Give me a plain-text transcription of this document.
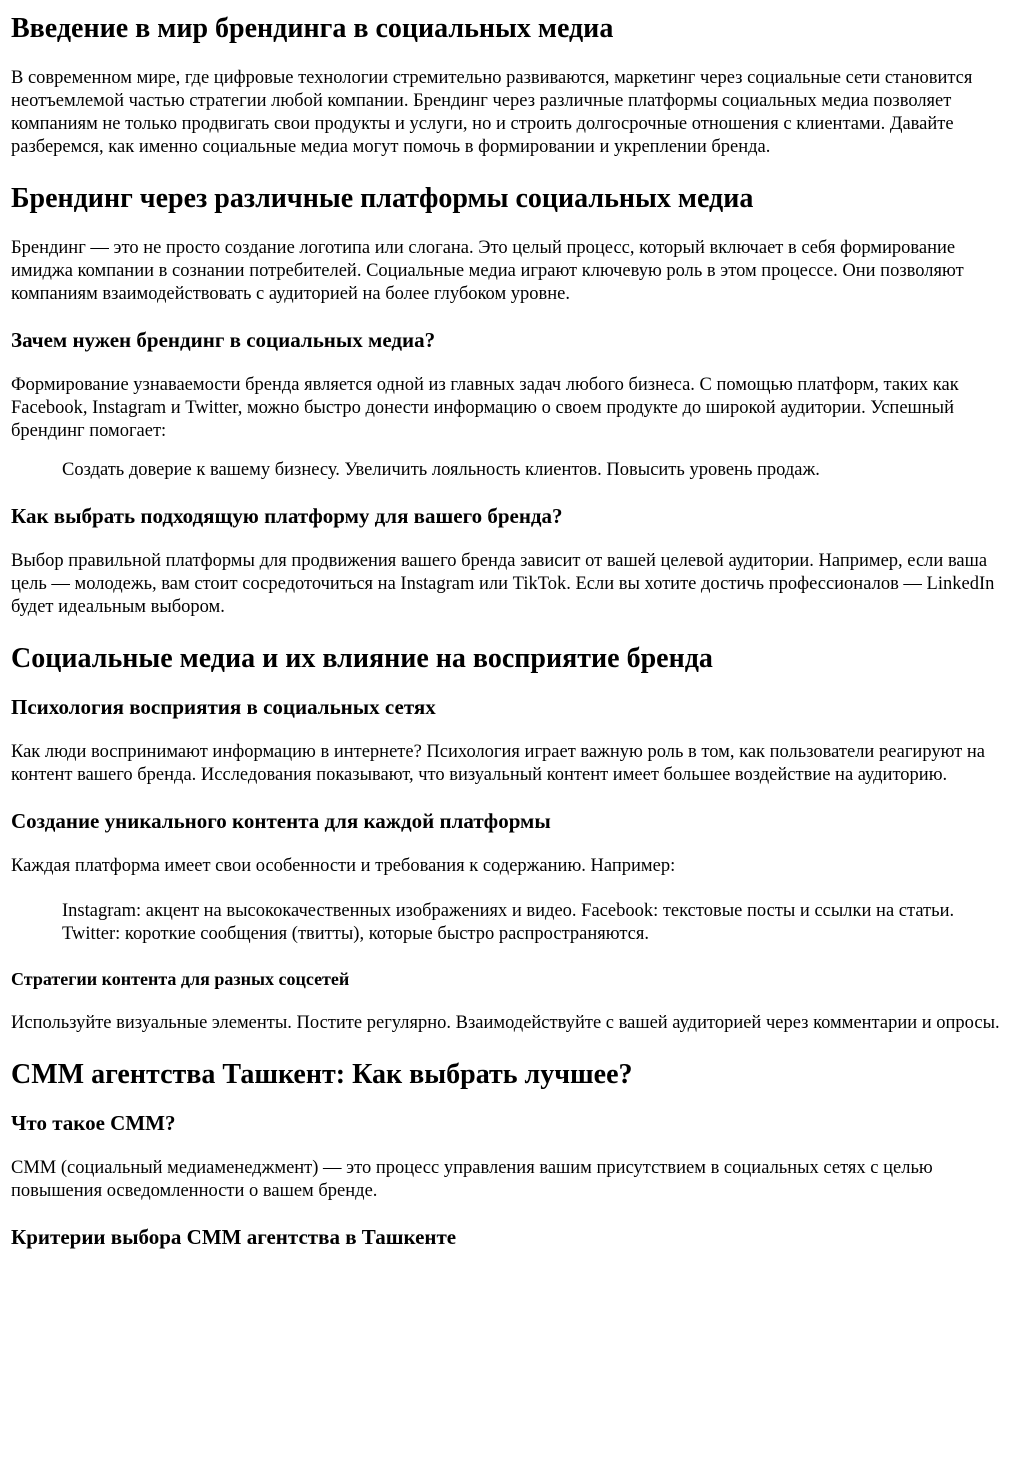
Введение в мир брендинга в социальных медиа

В современном мире, где цифровые технологии стремительно развиваются, маркетинг через социальные сети становится неотъемлемой частью стратегии любой компании. Брендинг через различные платформы социальных медиа позволяет компаниям не только продвигать свои продукты и услуги, но и строить долгосрочные отношения с клиентами. Давайте разберемся, как именно социальные медиа могут помочь в формировании и укреплении бренда.

Брендинг через различные платформы социальных медиа

Брендинг — это не просто создание логотипа или слогана. Это целый процесс, который включает в себя формирование имиджа компании в сознании потребителей. Социальные медиа играют ключевую роль в этом процессе. Они позволяют компаниям взаимодействовать с аудиторией на более глубоком уровне.

Зачем нужен брендинг в социальных медиа?

Формирование узнаваемости бренда является одной из главных задач любого бизнеса. С помощью платформ, таких как Facebook, Instagram и Twitter, можно быстро донести информацию о своем продукте до широкой аудитории. Успешный брендинг помогает:

Создать доверие к вашему бизнесу. Увеличить лояльность клиентов. Повысить уровень продаж.

Как выбрать подходящую платформу для вашего бренда?

Выбор правильной платформы для продвижения вашего бренда зависит от вашей целевой аудитории. Например, если ваша цель — молодежь, вам стоит сосредоточиться на Instagram или TikTok. Если вы хотите достичь профессионалов — LinkedIn будет идеальным выбором.

Социальные медиа и их влияние на восприятие бренда
Психология восприятия в социальных сетях

Как люди воспринимают информацию в интернете? Психология играет важную роль в том, как пользователи реагируют на контент вашего бренда. Исследования показывают, что визуальный контент имеет большее воздействие на аудиторию.

Создание уникального контента для каждой платформы

Каждая платформа имеет свои особенности и требования к содержанию. Например:

Instagram: акцент на высококачественных изображениях и видео. Facebook: текстовые посты и ссылки на статьи. Twitter: короткие сообщения (твитты), которые быстро распространяются.

Стратегии контента для разных соцсетей

Используйте визуальные элементы. Постите регулярно. Взаимодействуйте с вашей аудиторией через комментарии и опросы.

СММ агентства Ташкент: Как выбрать лучшее?
Что такое СММ?

СММ (социальный медиаменеджмент) — это процесс управления вашим присутствием в социальных сетях с целью повышения осведомленности о вашем бренде.

Критерии выбора СММ агентства в Ташкенте
